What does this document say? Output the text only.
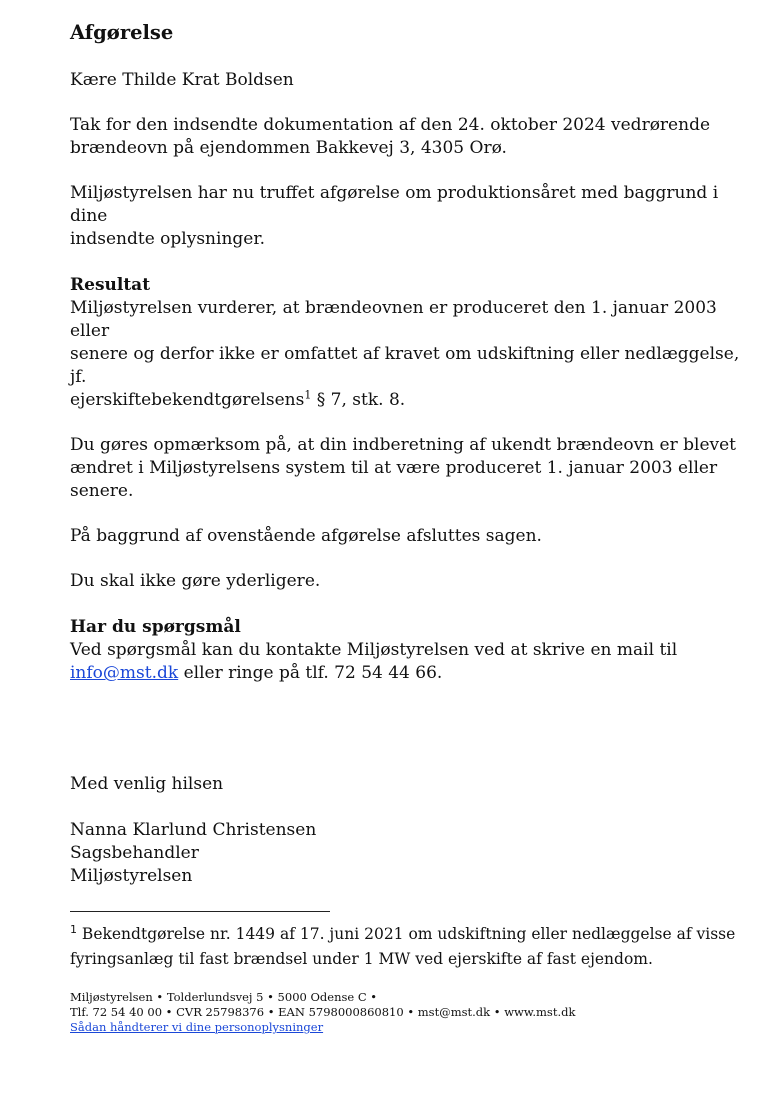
Afgørelse

Kære Thilde Krat Boldsen

Tak for den indsendte dokumentation af den 24. oktober 2024 vedrørende
brændeovn på ejendommen Bakkevej 3, 4305 Orø.

Miljøstyrelsen har nu truffet afgørelse om produktionsåret med baggrund i dine
indsendte oplysninger.

Resultat

Miljøstyrelsen vurderer, at brændeovnen er produceret den 1. januar 2003 eller
senere og derfor ikke er omfattet af kravet om udskiftning eller nedlæggelse, jf.
ejerskiftebekendtgørelsens$^1$ § 7, stk. 8.

Du gøres opmærksom på, at din indberetning af ukendt brændeovn er blevet
ændret i Miljøstyrelsens system til at være produceret 1. januar 2003 eller senere.

På baggrund af ovenstående afgørelse afsluttes sagen.

Du skal ikke gøre yderligere.

Har du spørgsmål

Ved spørgsmål kan du kontakte Miljøstyrelsen ved at skrive en mail til
info@mst.dk eller ringe på tlf. 72 54 44 66.

Med venlig hilsen

Nanna Klarlund Christensen
Sagsbehandler
Miljøstyrelsen

$^1$ Bekendtgørelse nr. 1449 af 17. juni 2021 om udskiftning eller nedlæggelse af visse
fyringsanlæg til fast brændsel under 1 MW ved ejerskifte af fast ejendom.
Miljøstyrelsen • Tolderlundsvej 5 • 5000 Odense C •
Tlf. 72 54 40 00 • CVR 25798376 • EAN 5798000860810 • mst@mst.dk • www.mst.dk
Sådan håndterer vi dine personoplysninger
